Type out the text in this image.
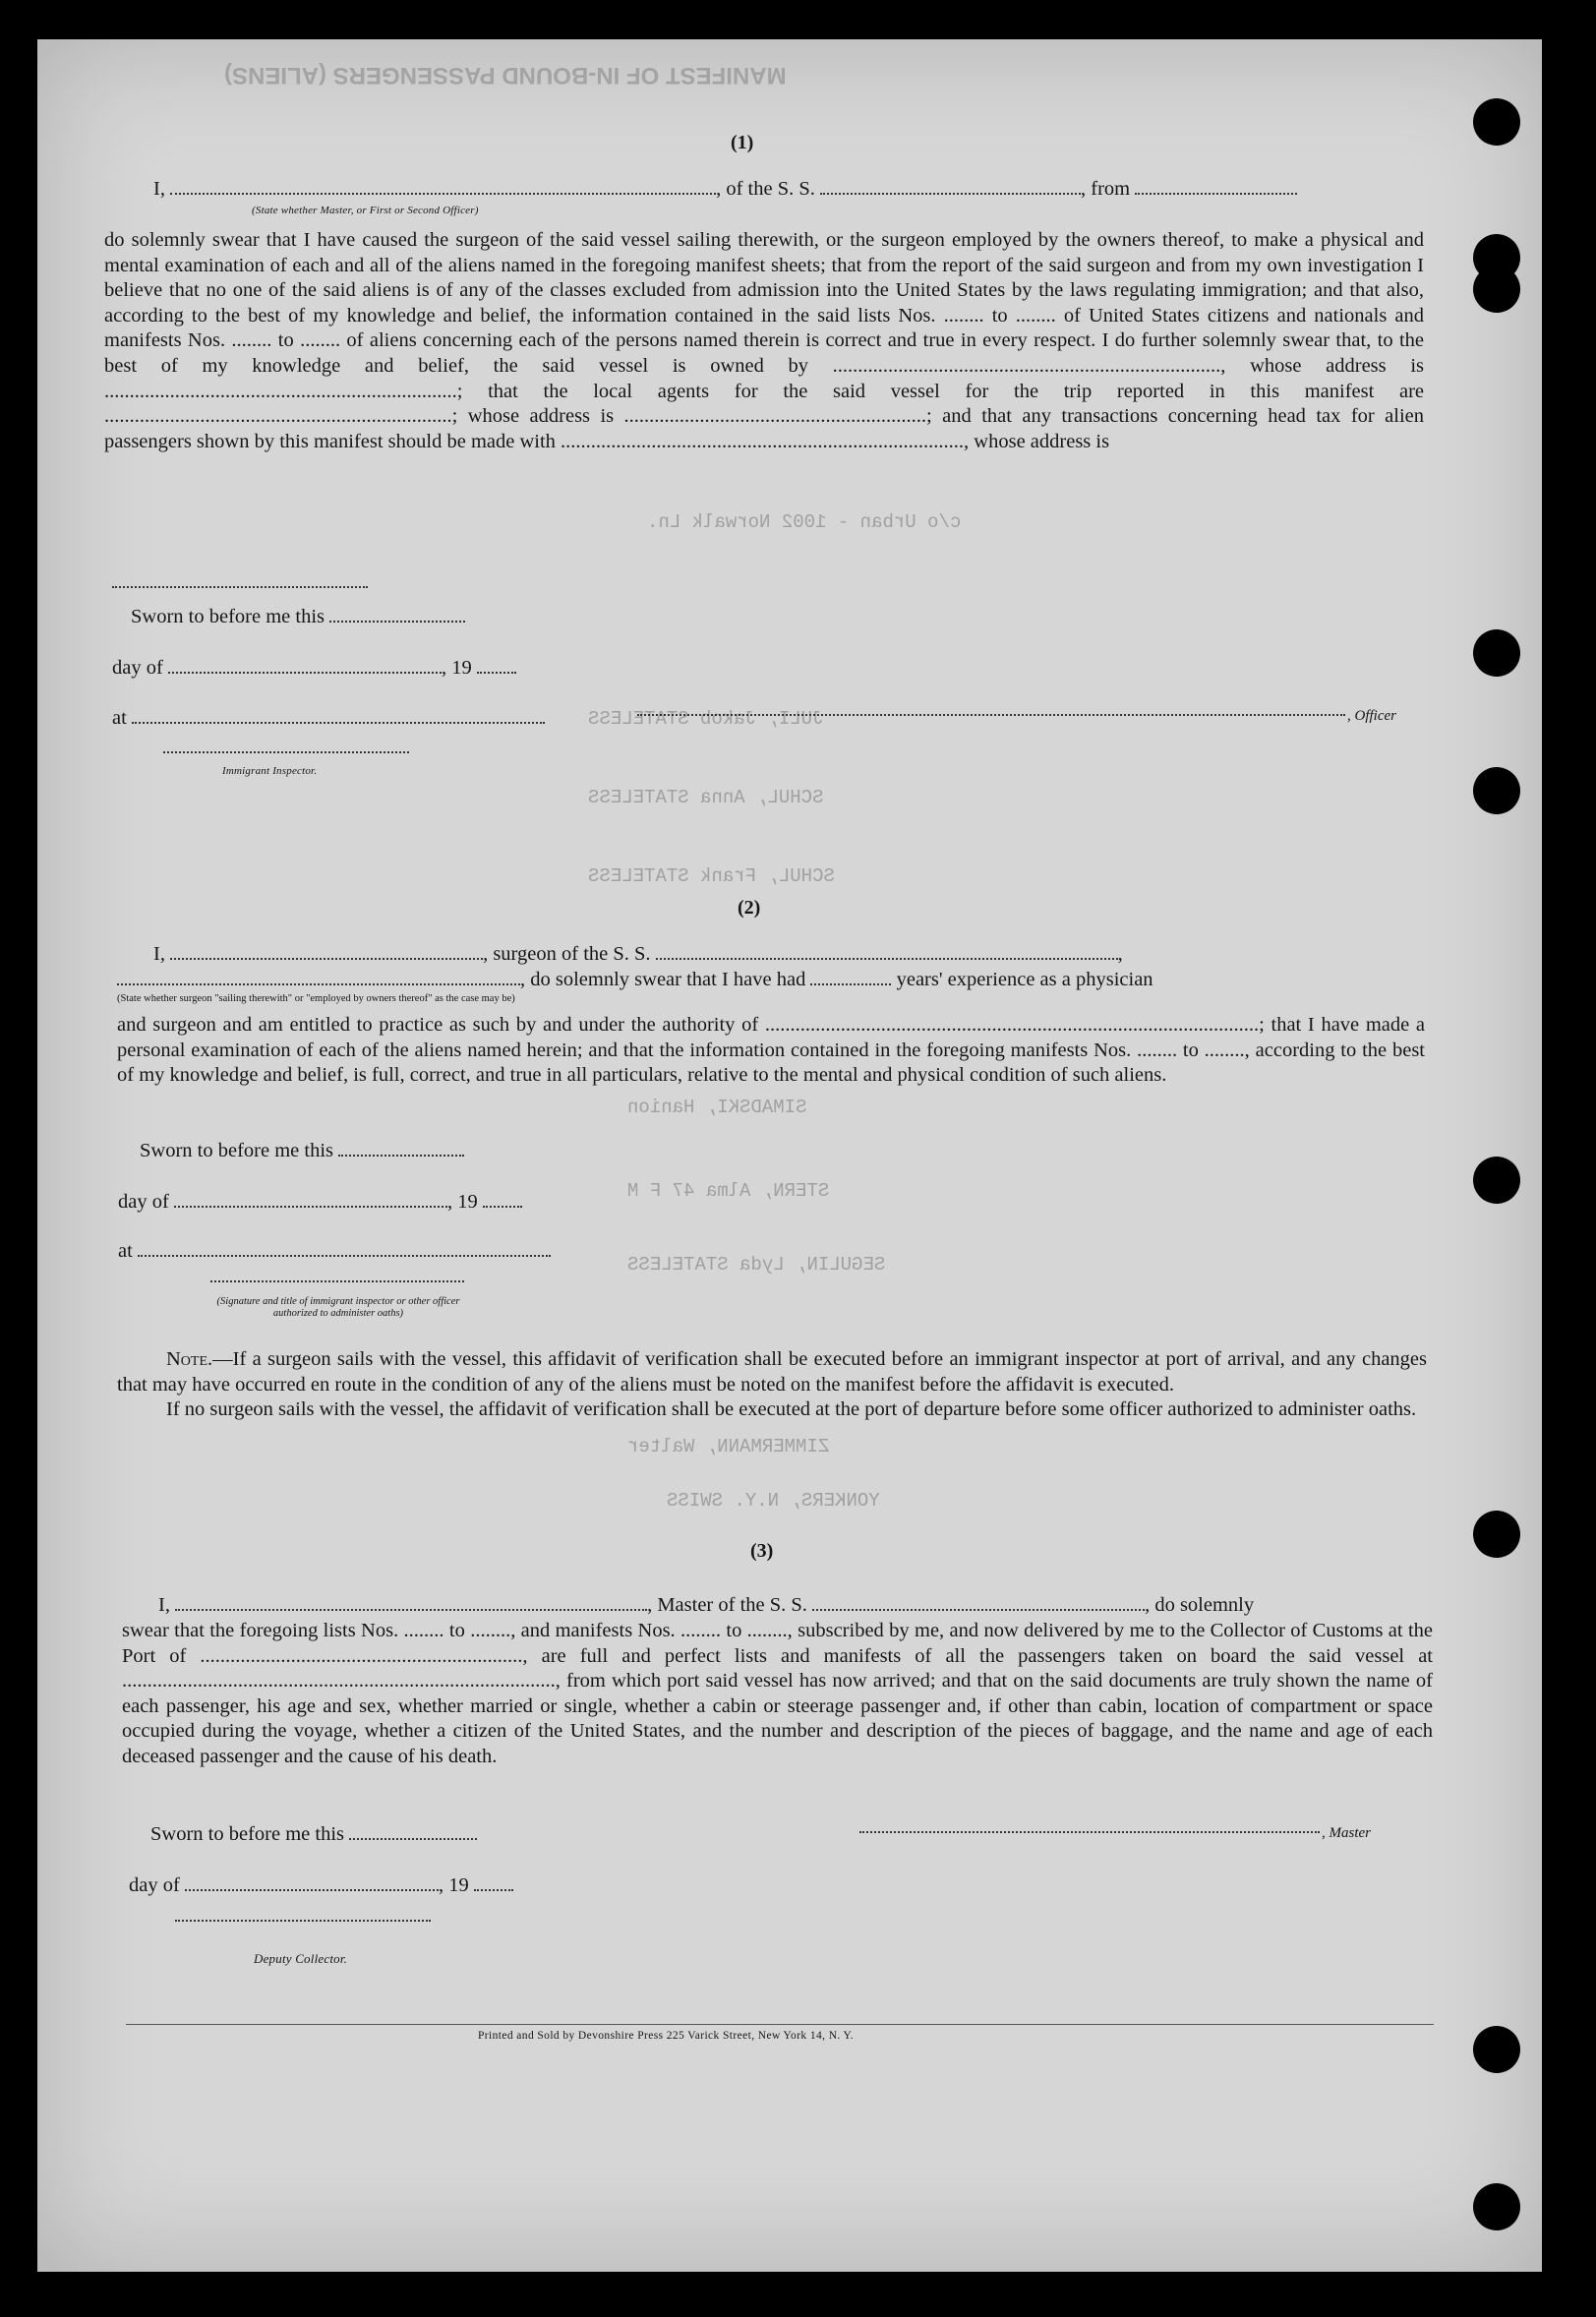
MANIFEST OF IN-BOUND PASSENGERS (ALIENS)
c/o Urban - 1002 Norwalk Ln.
JULI, Jakob STATELESS
SCHUL, Anna STATELESS
SCHUL, Frank STATELESS
SIMADSKI, Hanion
STERN, Alma 47 F M
SEGULIN, Lyda STATELESS
ZIMMERMANN, Walter
YONKERS, N.Y. SWISS
(1)
I,	, of the S. S.	, from
(State whether Master, or First or Second Officer)
do solemnly swear that I have caused the surgeon of the said vessel sailing therewith, or the surgeon employed by the owners thereof, to make a physical and mental examination of each and all of the aliens named in the foregoing manifest sheets; that from the report of the said surgeon and from my own investigation I believe that no one of the said aliens is of any of the classes excluded from admission into the United States by the laws regulating immigration; and that also, according to the best of my knowledge and belief, the information contained in the said lists Nos. ........ to ........ of United States citizens and nationals and manifests Nos. ........ to ........ of aliens concerning each of the persons named therein is correct and true in every respect. I do further solemnly swear that, to the best of my knowledge and belief, the said vessel is owned by ............................................................................., whose address is ......................................................................; that the local agents for the said vessel for the trip reported in this manifest are .....................................................................; whose address is ............................................................; and that any transactions concerning head tax for alien passengers shown by this manifest should be made with ................................................................................, whose address is
Sworn to before me this
day of	, 19
at	, Officer
Immigrant Inspector.
(2)
I,	, surgeon of the S. S.	,
, do solemnly swear that I have had	years' experience as a physician
(State whether surgeon "sailing therewith" or "employed by owners thereof" as the case may be)
and surgeon and am entitled to practice as such by and under the authority of ..................................................................................................; that I have made a personal examination of each of the aliens named herein; and that the information contained in the foregoing manifests Nos. ........ to ........, according to the best of my knowledge and belief, is full, correct, and true in all particulars, relative to the mental and physical condition of such aliens.
Sworn to before me this
day of	, 19
at
(Signature and title of immigrant inspector or other officer authorized to administer oaths)

Note.—If a surgeon sails with the vessel, this affidavit of verification shall be executed before an immigrant inspector at port of arrival, and any changes that may have occurred en route in the condition of any of the aliens must be noted on the manifest before the affidavit is executed.

If no surgeon sails with the vessel, the affidavit of verification shall be executed at the port of departure before some officer authorized to administer oaths.

(3)
I,	, Master of the S. S.	, do solemnly
swear that the foregoing lists Nos. ........ to ........, and manifests Nos. ........ to ........, subscribed by me, and now delivered by me to the Collector of Customs at the Port of ................................................................, are full and perfect lists and manifests of all the passengers taken on board the said vessel at ......................................................................................, from which port said vessel has now arrived; and that on the said documents are truly shown the name of each passenger, his age and sex, whether married or single, whether a cabin or steerage passenger and, if other than cabin, location of compartment or space occupied during the voyage, whether a citizen of the United States, and the number and description of the pieces of baggage, and the name and age of each deceased passenger and the cause of his death.
Sworn to before me this	, Master
day of	, 19
Deputy Collector.
Printed and Sold by Devonshire Press 225 Varick Street, New York 14, N. Y.
